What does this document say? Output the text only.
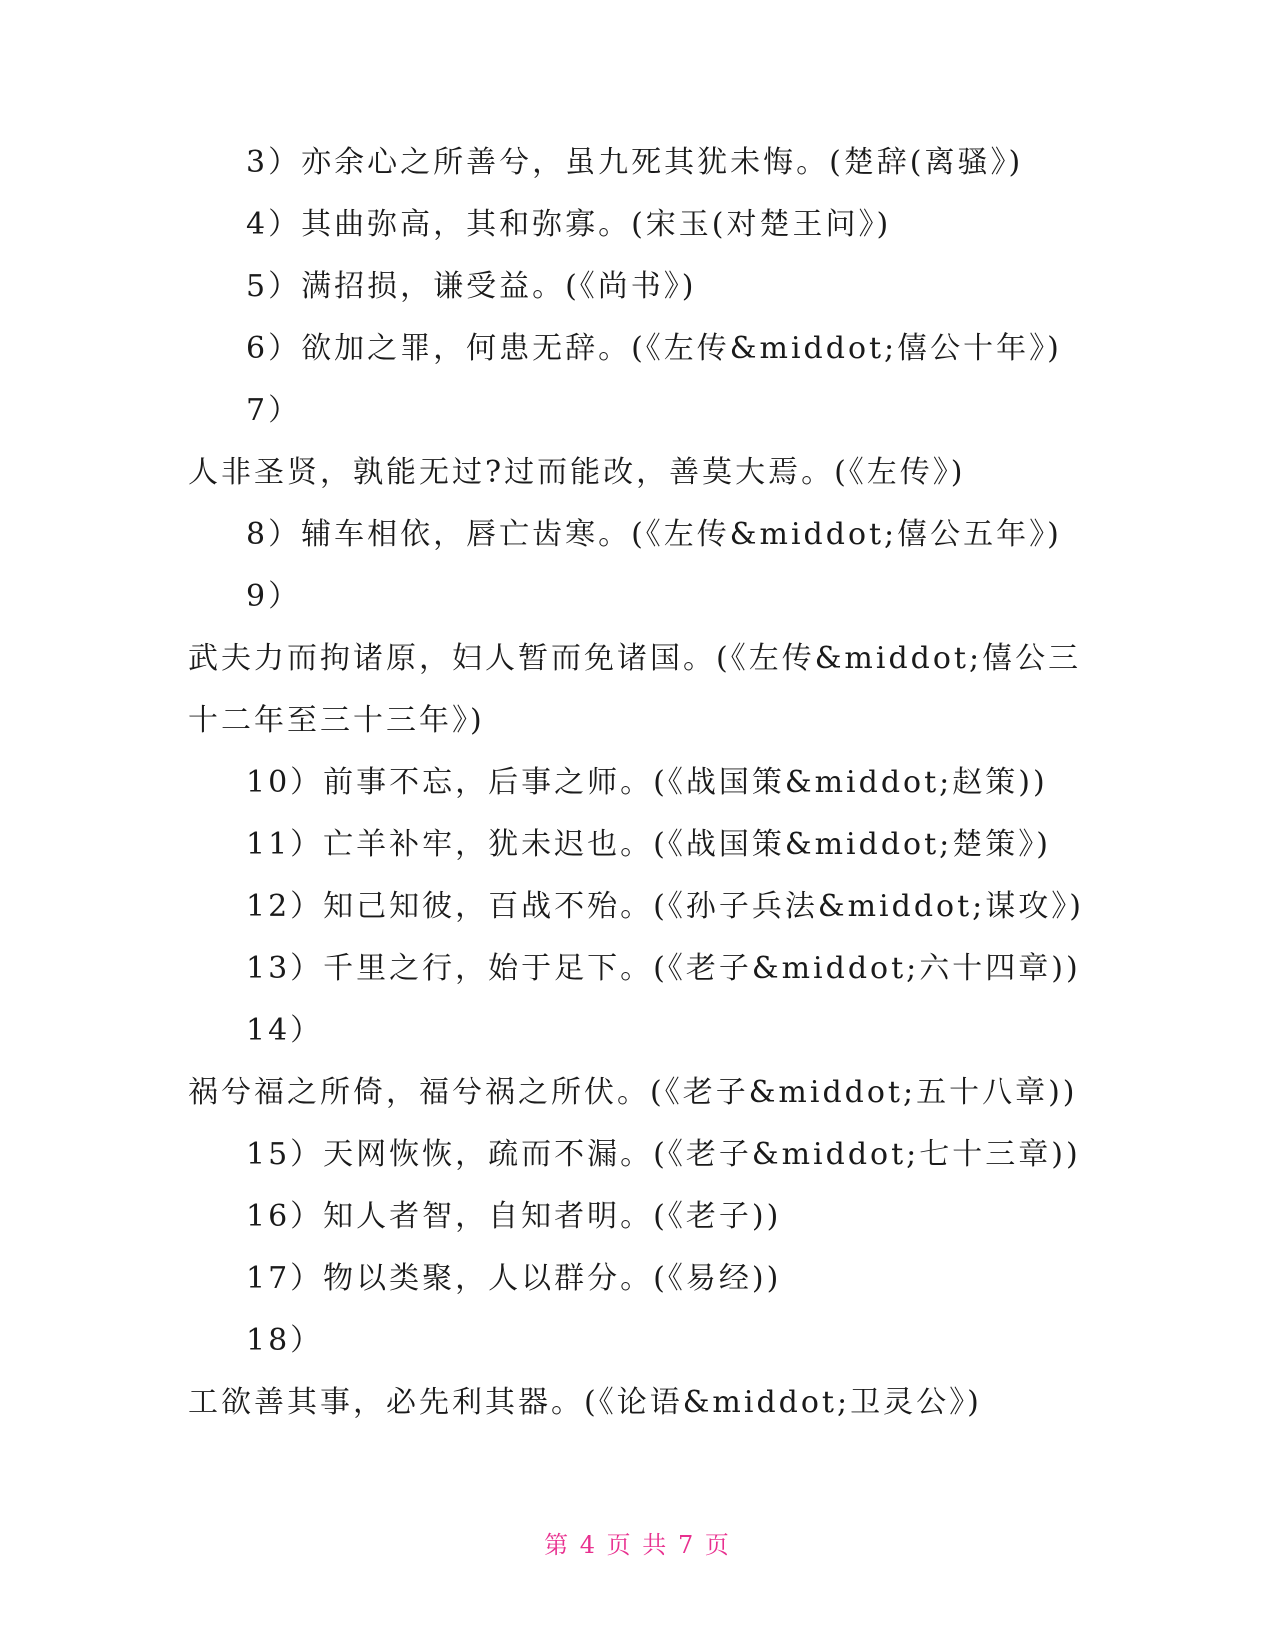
3）亦余心之所善兮，虽九死其犹未悔。(楚辞(离骚》)
4）其曲弥高，其和弥寡。(宋玉(对楚王问》)
5）满招损，谦受益。(《尚书》)
6）欲加之罪，何患无辞。(《左传&middot;僖公十年》)
7）
人非圣贤，孰能无过?过而能改，善莫大焉。(《左传》)
8）辅车相依，唇亡齿寒。(《左传&middot;僖公五年》)
9）
武夫力而拘诸原，妇人暂而免诸国。(《左传&middot;僖公三
十二年至三十三年》)
10）前事不忘，后事之师。(《战国策&middot;赵策))
11）亡羊补牢，犹未迟也。(《战国策&middot;楚策》)
12）知己知彼，百战不殆。(《孙子兵法&middot;谋攻》)
13）千里之行，始于足下。(《老子&middot;六十四章))
14）
祸兮福之所倚，福兮祸之所伏。(《老子&middot;五十八章))
15）天网恢恢，疏而不漏。(《老子&middot;七十三章))
16）知人者智，自知者明。(《老子))
17）物以类聚，人以群分。(《易经))
18）
工欲善其事，必先利其器。(《论语&middot;卫灵公》)
第 4 页 共 7 页
